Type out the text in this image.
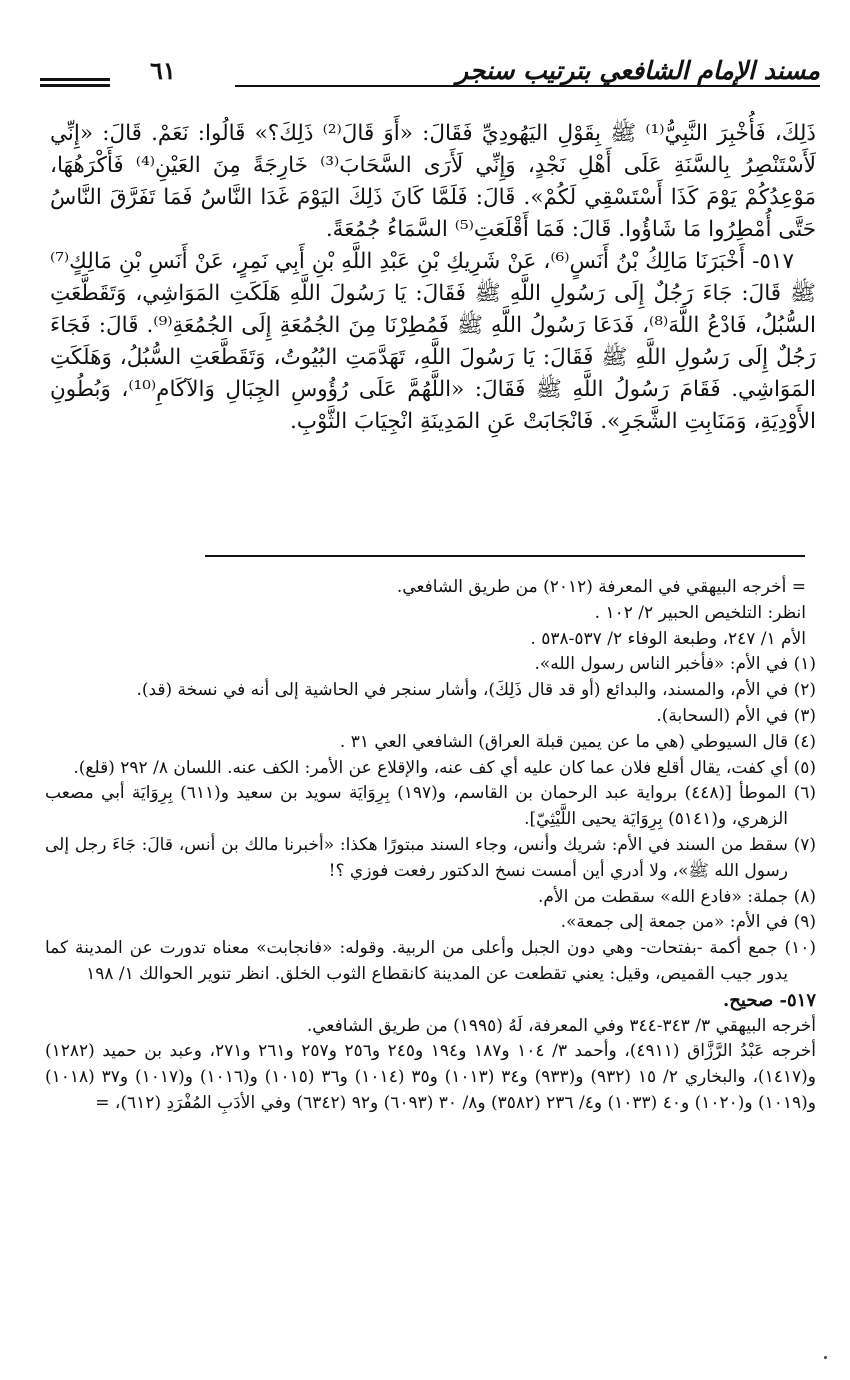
مسند الإمام الشافعي بترتيب سنجر
٦١

ذَلِكَ، فَأُخْبِرَ النَّبِيُّ⁽¹⁾ ﷺ بِقَوْلِ اليَهُودِيِّ فَقَالَ: «أَوَ قَالَ⁽²⁾ ذَلِكَ؟» قَالُوا: نَعَمْ. قَالَ: «إِنِّي لَأَسْتَنْصِرُ بِالسَّنَةِ عَلَى أَهْلِ نَجْدٍ، وَإِنِّي لَأَرَى السَّحَابَ⁽³⁾ خَارِجَةً مِنَ العَيْنِ⁽⁴⁾ فَأَكْرَهُهَا، مَوْعِدُكُمْ يَوْمَ كَذَا أَسْتَسْقِي لَكُمْ». قَالَ: فَلَمَّا كَانَ ذَلِكَ اليَوْمَ غَدَا النَّاسُ فَمَا تَفَرَّقَ النَّاسُ حَتَّى أُمْطِرُوا مَا شَاؤُوا. قَالَ: فَمَا أَقْلَعَتِ⁽⁵⁾ السَّمَاءُ جُمُعَةً.

٥١٧- أَخْبَرَنَا مَالِكُ بْنُ أَنَسٍ⁽⁶⁾، عَنْ شَرِيكِ بْنِ عَبْدِ اللَّهِ بْنِ أَبِي نَمِرٍ، عَنْ أَنَسِ بْنِ مَالِكٍ⁽⁷⁾ ﷺ قَالَ: جَاءَ رَجُلٌ إِلَى رَسُولِ اللَّهِ ﷺ فَقَالَ: يَا رَسُولَ اللَّهِ هَلَكَتِ المَوَاشِي، وَتَقَطَّعَتِ السُّبُلُ، فَادْعُ اللَّهَ⁽⁸⁾، فَدَعَا رَسُولُ اللَّهِ ﷺ فَمُطِرْنَا مِنَ الجُمُعَةِ إِلَى الجُمُعَةِ⁽⁹⁾. قَالَ: فَجَاءَ رَجُلٌ إِلَى رَسُولِ اللَّهِ ﷺ فَقَالَ: يَا رَسُولَ اللَّهِ، تَهَدَّمَتِ البُيُوتُ، وَتَقَطَّعَتِ السُّبُلُ، وَهَلَكَتِ المَوَاشِي. فَقَامَ رَسُولُ اللَّهِ ﷺ فَقَالَ: «اللَّهُمَّ عَلَى رُؤُوسِ الجِبَالِ وَالآكَامِ⁽¹⁰⁾، وَبُطُونِ الأَوْدِيَةِ، وَمَنَابِتِ الشَّجَرِ». فَانْجَابَتْ عَنِ المَدِينَةِ انْجِيَابَ الثَّوْبِ.

= أخرجه البيهقي في المعرفة (٢٠١٢) من طريق الشافعي.

انظر: التلخيص الحبير ٢/ ١٠٢ .

الأم ١/ ٢٤٧، وطبعة الوفاء ٢/ ٥٣٧-٥٣٨ .

(١) في الأم: «فأخبر الناس رسول الله».

(٢) في الأم، والمسند، والبدائع (أو قد قال ذَلِكَ)، وأشار سنجر في الحاشية إلى أنه في نسخة (قد).

(٣) في الأم (السحابة).

(٤) قال السيوطي (هي ما عن يمين قبلة العراق) الشافعي العي ٣١ .

(٥) أي كفت، يقال أقلع فلان عما كان عليه أي كف عنه، والإقلاع عن الأمر: الكف عنه. اللسان ٨/ ٢٩٢ (قلع).

(٦) الموطأ [(٤٤٨) برواية عبد الرحمان بن القاسم، و(١٩٧) بِرِوَايَة سويد بن سعيد و(٦١١) بِرِوَايَة أبي مصعب الزهري، و(٥١٤١) بِرِوَايَة يحيى اللَّيْثِيّ].

(٧) سقط من السند في الأم: شريك وأنس، وجاء السند مبتورًا هكذا: «أخبرنا مالك بن أنس، قالَ: جَاءَ رجل إلى رسول الله ﷺ»، ولا أدري أين أمست نسخ الدكتور رفعت فوزي ؟!

(٨) جملة: «فادع الله» سقطت من الأم.

(٩) في الأم: «من جمعة إلى جمعة».

(١٠) جمع أكمة -بفتحات- وهي دون الجبل وأعلى من الربية. وقوله: «فانجابت» معناه تدورت عن المدينة كما يدور جيب القميص، وقيل: يعني تقطعت عن المدينة كانقطاع الثوب الخلق. انظر تنوير الحوالك ١/ ١٩٨

٥١٧- صحيح.

أخرجه البيهقي ٣/ ٣٤٣-٣٤٤ وفي المعرفة، لَهُ (١٩٩٥) من طريق الشافعي.

أخرجه عَبْدُ الرَّزَّاق (٤٩١١)، وأحمد ٣/ ١٠٤ و١٨٧ و١٩٤ و٢٤٥ و٢٥٦ و٢٥٧ و٢٦١ و٢٧١، وعبد بن حميد (١٢٨٢) و(١٤١٧)، والبخاري ٢/ ١٥ (٩٣٢) و(٩٣٣) و٣٤ (١٠١٣) و٣٥ (١٠١٤) و٣٦ (١٠١٥) و(١٠١٦) و(١٠١٧) و٣٧ (١٠١٨) و(١٠١٩) و(١٠٢٠) و٤٠ (١٠٣٣) و٤/ ٢٣٦ (٣٥٨٢) و٨/ ٣٠ (٦٠٩٣) و٩٢ (٦٣٤٢) وفي الأدَبِ المُفْرَدِ (٦١٢)، =
